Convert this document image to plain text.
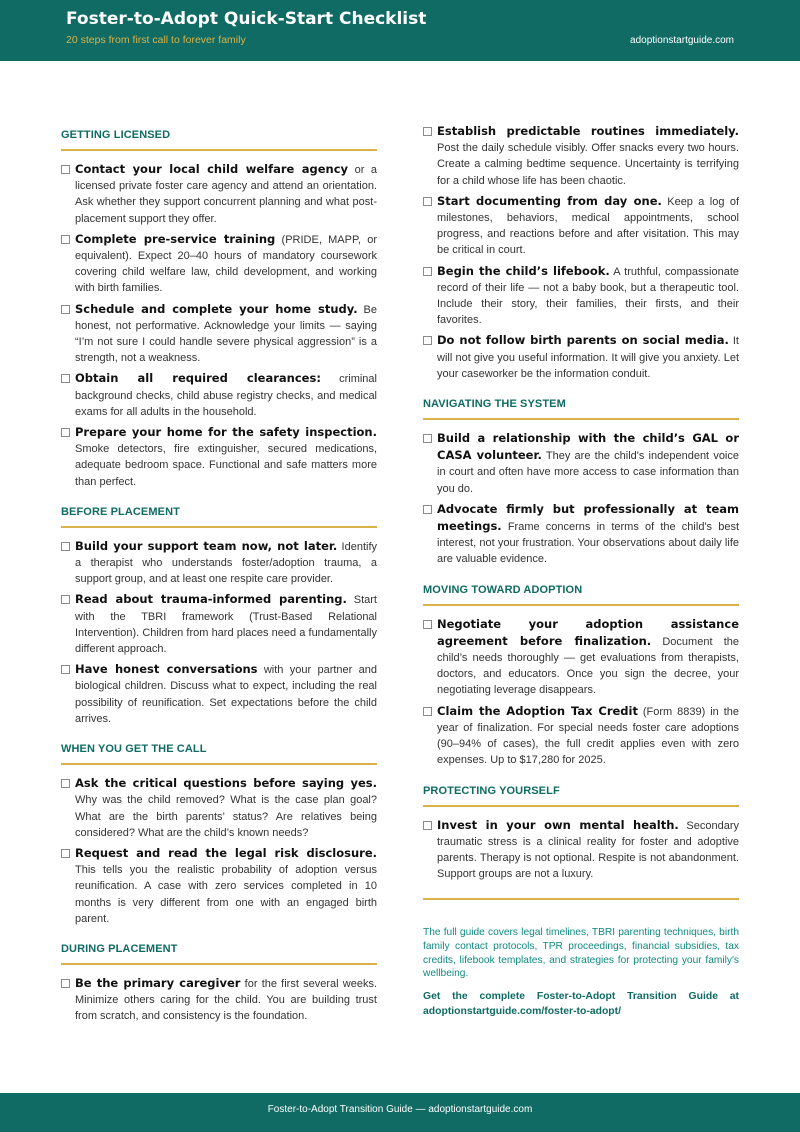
Foster-to-Adopt Quick-Start Checklist
20 steps from first call to forever family	adoptionstartguide.com
GETTING LICENSED
Contact your local child welfare agency or a licensed private foster care agency and attend an orientation. Ask whether they support concurrent planning and what post-placement support they offer.
Complete pre-service training (PRIDE, MAPP, or equivalent). Expect 20–40 hours of mandatory coursework covering child welfare law, child development, and working with birth families.
Schedule and complete your home study. Be honest, not performative. Acknowledge your limits — saying “I’m not sure I could handle severe physical aggression” is a strength, not a weakness.
Obtain all required clearances: criminal background checks, child abuse registry checks, and medical exams for all adults in the household.
Prepare your home for the safety inspection. Smoke detectors, fire extinguisher, secured medications, adequate bedroom space. Functional and safe matters more than perfect.
BEFORE PLACEMENT
Build your support team now, not later. Identify a therapist who understands foster/adoption trauma, a support group, and at least one respite care provider.
Read about trauma-informed parenting. Start with the TBRI framework (Trust-Based Relational Intervention). Children from hard places need a fundamentally different approach.
Have honest conversations with your partner and biological children. Discuss what to expect, including the real possibility of reunification. Set expectations before the child arrives.
WHEN YOU GET THE CALL
Ask the critical questions before saying yes. Why was the child removed? What is the case plan goal? What are the birth parents’ status? Are relatives being considered? What are the child’s known needs?
Request and read the legal risk disclosure. This tells you the realistic probability of adoption versus reunification. A case with zero services completed in 10 months is very different from one with an engaged birth parent.
DURING PLACEMENT
Be the primary caregiver for the first several weeks. Minimize others caring for the child. You are building trust from scratch, and consistency is the foundation.
Establish predictable routines immediately. Post the daily schedule visibly. Offer snacks every two hours. Create a calming bedtime sequence. Uncertainty is terrifying for a child whose life has been chaotic.
Start documenting from day one. Keep a log of milestones, behaviors, medical appointments, school progress, and reactions before and after visitation. This may be critical in court.
Begin the child’s lifebook. A truthful, compassionate record of their life — not a baby book, but a therapeutic tool. Include their story, their families, their firsts, and their favorites.
Do not follow birth parents on social media. It will not give you useful information. It will give you anxiety. Let your caseworker be the information conduit.
NAVIGATING THE SYSTEM
Build a relationship with the child’s GAL or CASA volunteer. They are the child's independent voice in court and often have more access to case information than you do.
Advocate firmly but professionally at team meetings. Frame concerns in terms of the child's best interest, not your frustration. Your observations about daily life are valuable evidence.
MOVING TOWARD ADOPTION
Negotiate your adoption assistance agreement before finalization. Document the child’s needs thoroughly — get evaluations from therapists, doctors, and educators. Once you sign the decree, your negotiating leverage disappears.
Claim the Adoption Tax Credit (Form 8839) in the year of finalization. For special needs foster care adoptions (90–94% of cases), the full credit applies even with zero expenses. Up to $17,280 for 2025.
PROTECTING YOURSELF
Invest in your own mental health. Secondary traumatic stress is a clinical reality for foster and adoptive parents. Therapy is not optional. Respite is not abandonment. Support groups are not a luxury.
The full guide covers legal timelines, TBRI parenting techniques, birth family contact protocols, TPR proceedings, financial subsidies, tax credits, lifebook templates, and strategies for protecting your family's wellbeing.
Get the complete Foster-to-Adopt Transition Guide at adoptionstartguide.com/foster-to-adopt/
Foster-to-Adopt Transition Guide — adoptionstartguide.com
